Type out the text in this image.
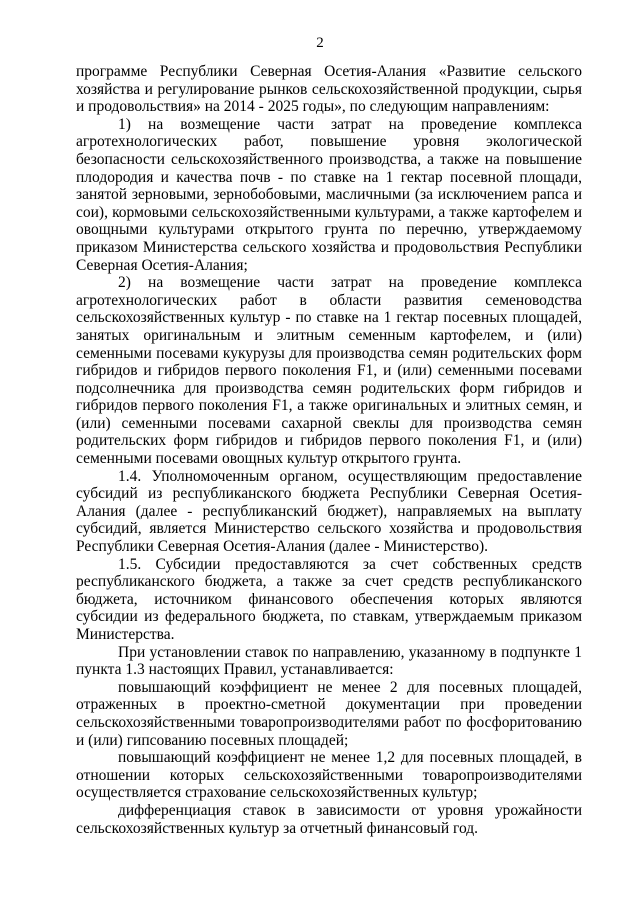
2

программе Республики Северная Осетия-Алания «Развитие сельского хозяйства и регулирование рынков сельскохозяйственной продукции, сырья и продовольствия» на 2014 - 2025 годы», по следующим направлениям:

1) на возмещение части затрат на проведение комплекса агротехнологических работ, повышение уровня экологической безопасности сельскохозяйственного производства, а также на повышение плодородия и качества почв - по ставке на 1 гектар посевной площади, занятой зерновыми, зернобобовыми, масличными (за исключением рапса и сои), кормовыми сельскохозяйственными культурами, а также картофелем и овощными культурами открытого грунта по перечню, утверждаемому приказом Министерства сельского хозяйства и продовольствия Республики Северная Осетия-Алания;

2) на возмещение части затрат на проведение комплекса агротехнологических работ в области развития семеноводства сельскохозяйственных культур - по ставке на 1 гектар посевных площадей, занятых оригинальным и элитным семенным картофелем, и (или) семенными посевами кукурузы для производства семян родительских форм гибридов и гибридов первого поколения F1, и (или) семенными посевами подсолнечника для производства семян родительских форм гибридов и гибридов первого поколения F1, а также оригинальных и элитных семян, и (или) семенными посевами сахарной свеклы для производства семян родительских форм гибридов и гибридов первого поколения F1, и (или) семенными посевами овощных культур открытого грунта.

1.4. Уполномоченным органом, осуществляющим предоставление субсидий из республиканского бюджета Республики Северная Осетия-Алания (далее - республиканский бюджет), направляемых на выплату субсидий, является Министерство сельского хозяйства и продовольствия Республики Северная Осетия-Алания (далее - Министерство).

1.5. Субсидии предоставляются за счет собственных средств республиканского бюджета, а также за счет средств республиканского бюджета, источником финансового обеспечения которых являются субсидии из федерального бюджета, по ставкам, утверждаемым приказом Министерства.

При установлении ставок по направлению, указанному в подпункте 1 пункта 1.3 настоящих Правил, устанавливается:

повышающий коэффициент не менее 2 для посевных площадей, отраженных в проектно-сметной документации при проведении сельскохозяйственными товаропроизводителями работ по фосфоритованию и (или) гипсованию посевных площадей;

повышающий коэффициент не менее 1,2 для посевных площадей, в отношении которых сельскохозяйственными товаропроизводителями осуществляется страхование сельскохозяйственных культур;

дифференциация ставок в зависимости от уровня урожайности сельскохозяйственных культур за отчетный финансовый год.
